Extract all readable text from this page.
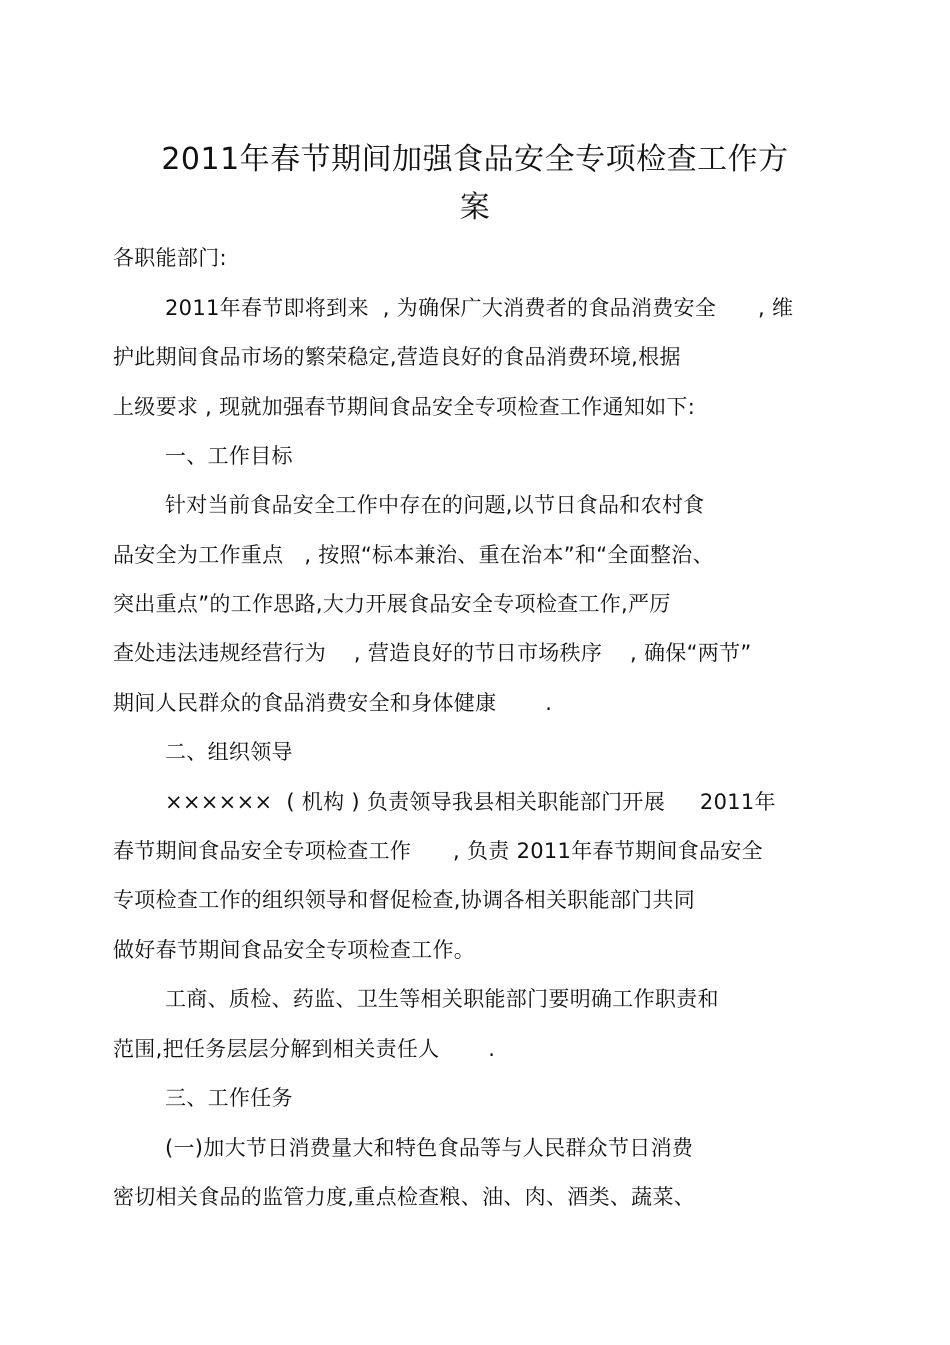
2011年春节期间加强食品安全专项检查工作方
案
各职能部门:
2011年春节即将到来  , 为确保广大消费者的食品消费安全      , 维
护此期间食品市场的繁荣稳定,营造良好的食品消费环境,根据
上级要求 , 现就加强春节期间食品安全专项检查工作通知如下:
一、工作目标
针对当前食品安全工作中存在的问题,以节日食品和农村食
品安全为工作重点   , 按照“标本兼治、重在治本”和“全面整治、
突出重点”的工作思路,大力开展食品安全专项检查工作,严厉
查处违法违规经营行为    , 营造良好的节日市场秩序    , 确保“两节”
期间人民群众的食品消费安全和身体健康       .
二、组织领导
××××××  ( 机构 ) 负责领导我县相关职能部门开展     2011年
春节期间食品安全专项检查工作      , 负责 2011年春节期间食品安全
专项检查工作的组织领导和督促检查,协调各相关职能部门共同
做好春节期间食品安全专项检查工作。
工商、质检、药监、卫生等相关职能部门要明确工作职责和
范围,把任务层层分解到相关责任人       .
三、工作任务
(一)加大节日消费量大和特色食品等与人民群众节日消费
密切相关食品的监管力度,重点检查粮、油、肉、酒类、蔬菜、
